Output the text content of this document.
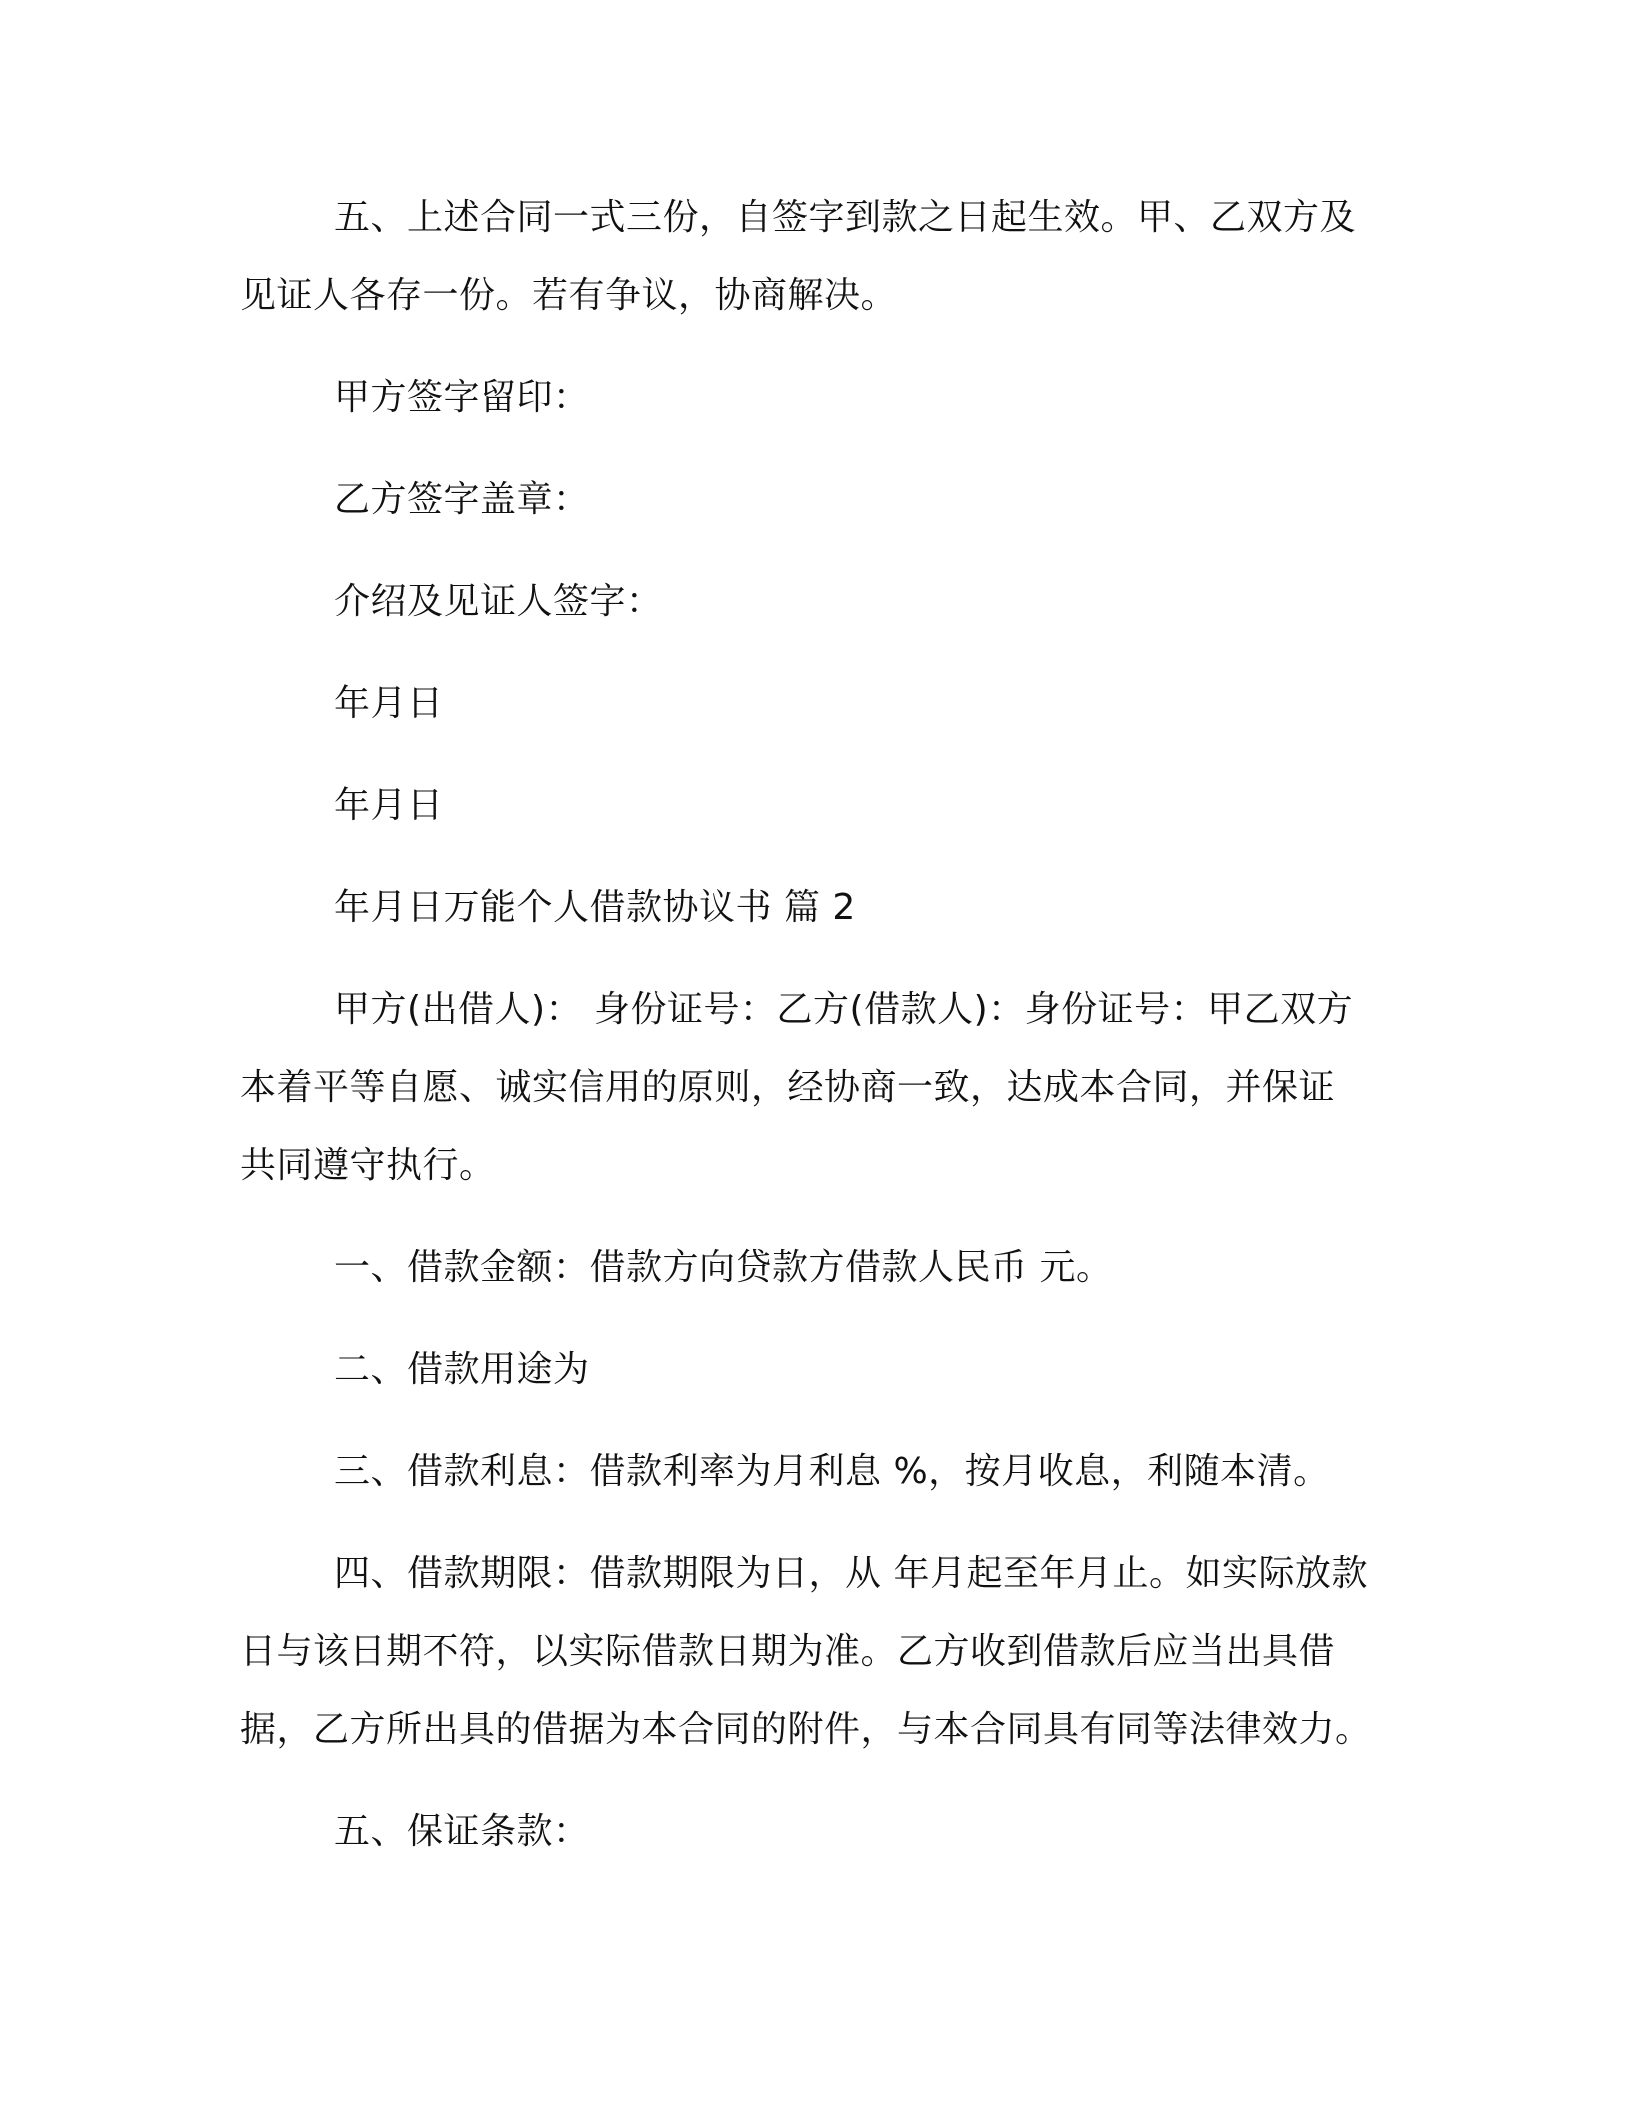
五、上述合同一式三份，自签字到款之日起生效。甲、乙双方及
见证人各存一份。若有争议，协商解决。
甲方签字留印：
乙方签字盖章：
介绍及见证人签字：
年月日
年月日
年月日万能个人借款协议书 篇 2
甲方(出借人)： 身份证号：乙方(借款人)：身份证号：甲乙双方
本着平等自愿、诚实信用的原则，经协商一致，达成本合同，并保证
共同遵守执行。
一、借款金额：借款方向贷款方借款人民币 元。
二、借款用途为
三、借款利息：借款利率为月利息 %，按月收息，利随本清。
四、借款期限：借款期限为日，从 年月起至年月止。如实际放款
日与该日期不符，以实际借款日期为准。乙方收到借款后应当出具借
据，乙方所出具的借据为本合同的附件，与本合同具有同等法律效力。
五、保证条款：
